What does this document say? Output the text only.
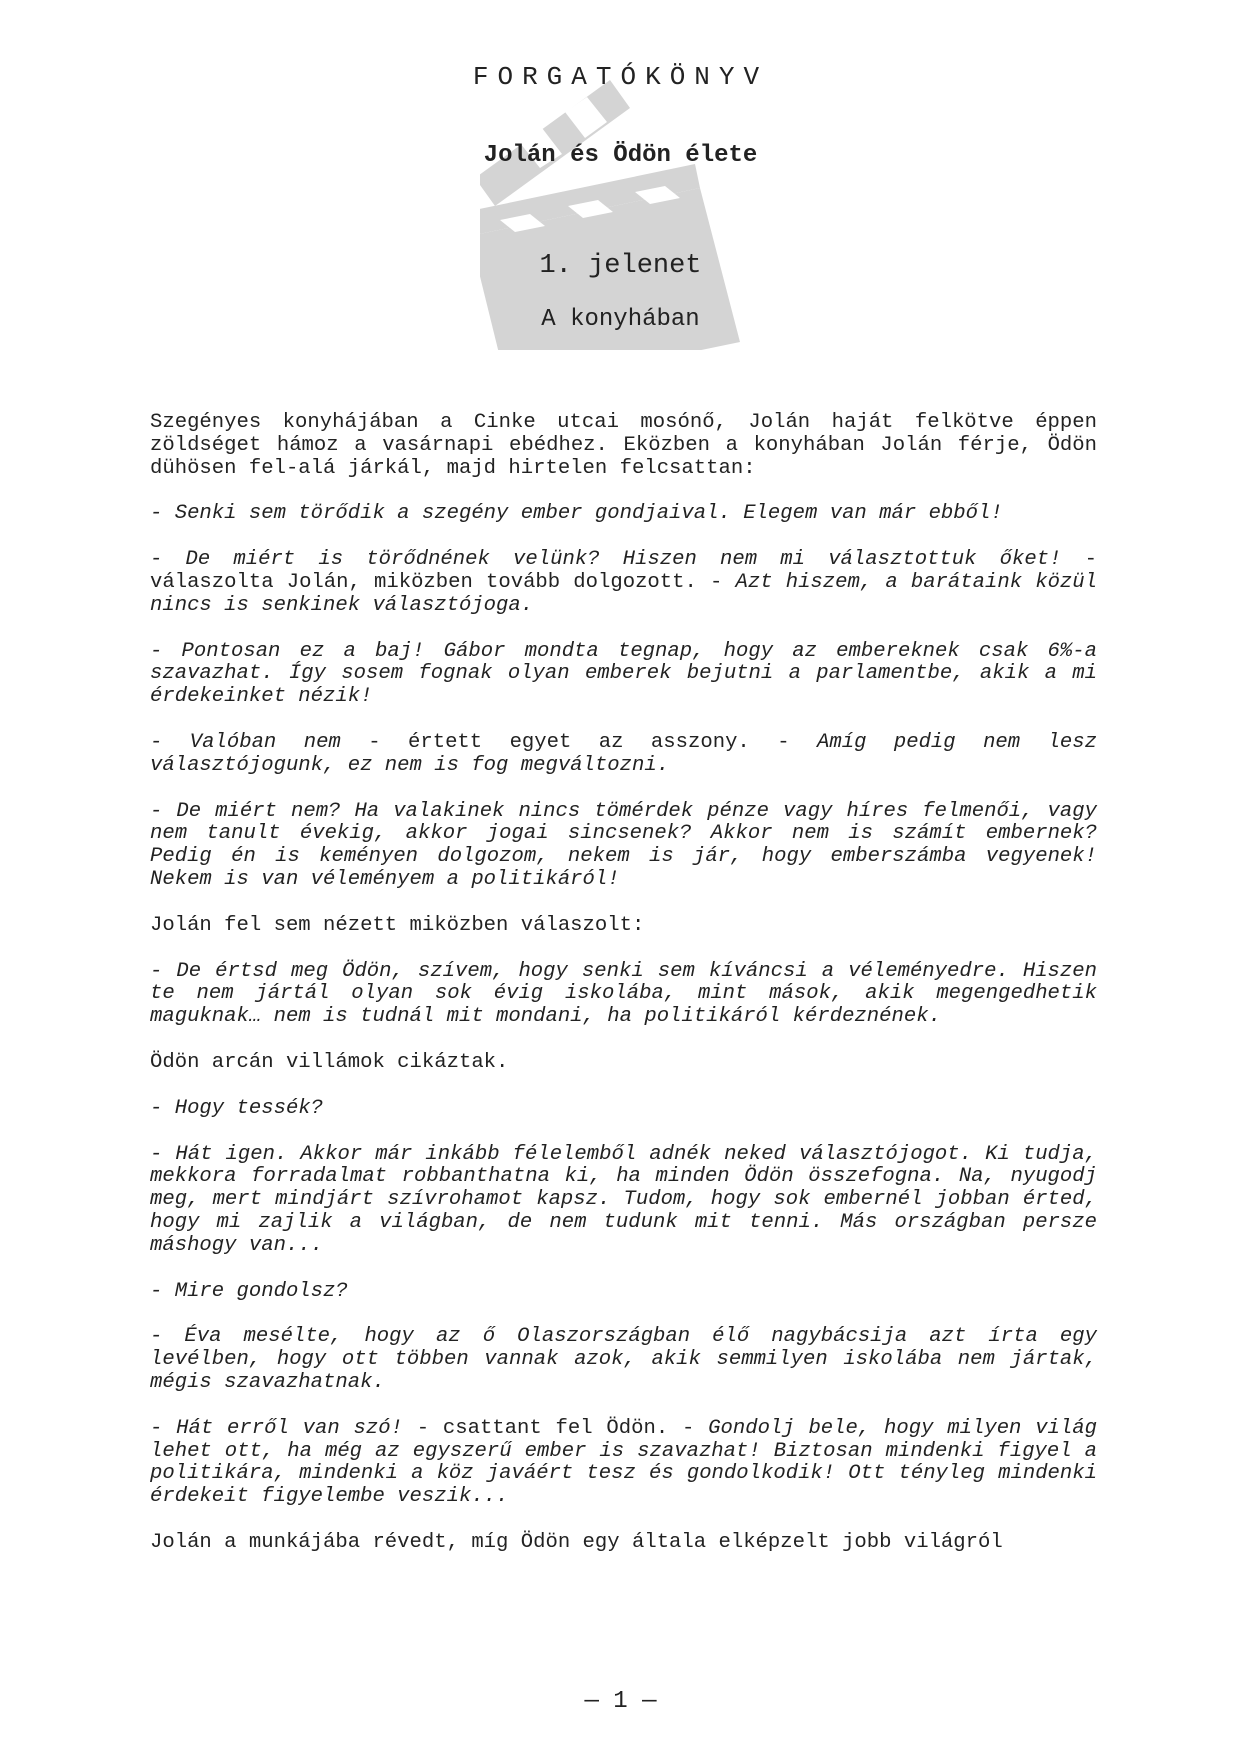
FORGATÓKÖNYV
Jolán és Ödön élete
1. jelenet
A konyhában

Szegényes konyhájában a Cinke utcai mosónő, Jolán haját felkötve éppen zöldséget hámoz a vasárnapi ebédhez. Eközben a konyhában Jolán férje, Ödön dühösen fel-alá járkál, majd hirtelen felcsattan:

- Senki sem törődik a szegény ember gondjaival. Elegem van már ebből!

- De miért is törődnének velünk? Hiszen nem mi választottuk őket! - válaszolta Jolán, miközben tovább dolgozott. - Azt hiszem, a barátaink közül nincs is senkinek választójoga.

- Pontosan ez a baj! Gábor mondta tegnap, hogy az embereknek csak 6%-a szavazhat. Így sosem fognak olyan emberek bejutni a parlamentbe, akik a mi érdekeinket nézik!

- Valóban nem - értett egyet az asszony. - Amíg pedig nem lesz választójogunk, ez nem is fog megváltozni.

- De miért nem? Ha valakinek nincs tömérdek pénze vagy híres felmenői, vagy nem tanult évekig, akkor jogai sincsenek? Akkor nem is számít embernek? Pedig én is keményen dolgozom, nekem is jár, hogy emberszámba vegyenek! Nekem is van véleményem a politikáról!

Jolán fel sem nézett miközben válaszolt:

- De értsd meg Ödön, szívem, hogy senki sem kíváncsi a véleményedre. Hiszen te nem jártál olyan sok évig iskolába, mint mások, akik megengedhetik maguknak… nem is tudnál mit mondani, ha politikáról kérdeznének.

Ödön arcán villámok cikáztak.

- Hogy tessék?

- Hát igen. Akkor már inkább félelemből adnék neked választójogot. Ki tudja, mekkora forradalmat robbanthatna ki, ha minden Ödön összefogna. Na, nyugodj meg, mert mindjárt szívrohamot kapsz. Tudom, hogy sok embernél jobban érted, hogy mi zajlik a világban, de nem tudunk mit tenni. Más országban persze máshogy van...

- Mire gondolsz?

- Éva mesélte, hogy az ő Olaszországban élő nagybácsija azt írta egy levélben, hogy ott többen vannak azok, akik semmilyen iskolába nem jártak, mégis szavazhatnak.

- Hát erről van szó! - csattant fel Ödön. - Gondolj bele, hogy milyen világ lehet ott, ha még az egyszerű ember is szavazhat! Biztosan mindenki figyel a politikára, mindenki a köz javáért tesz és gondolkodik! Ott tényleg mindenki érdekeit figyelembe veszik...

Jolán a munkájába révedt, míg Ödön egy általa elképzelt jobb világról

— 1 —
